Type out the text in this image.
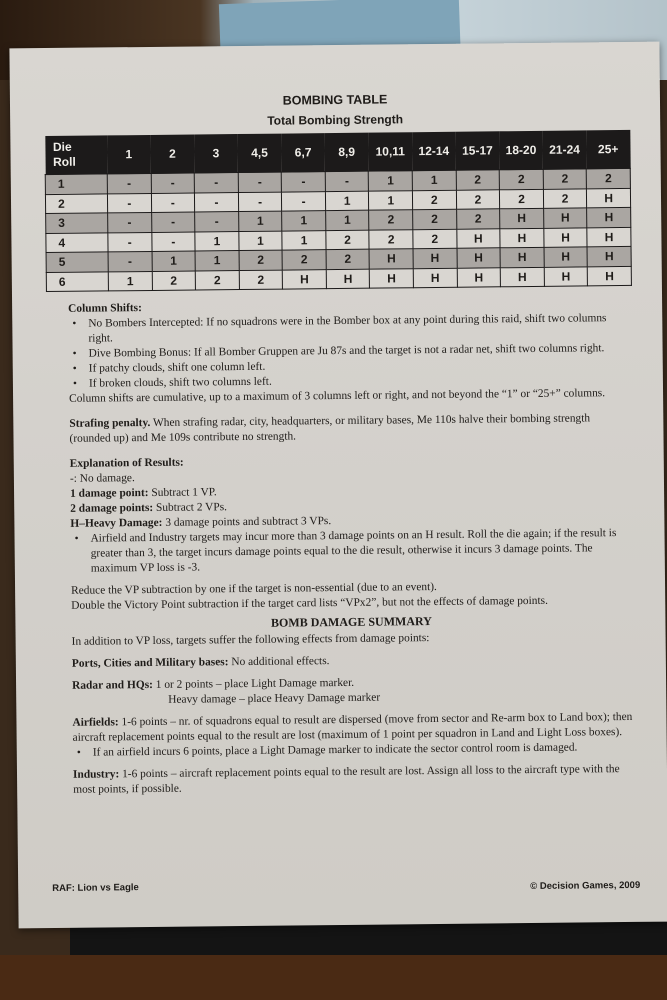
BOMBING TABLE
Total Bombing Strength
Die
Roll	1	2	3	4,5	6,7	8,9	10,11	12-14	15-17	18-20	21-24	25+
1	-	-	-	-	-	-	1	1	2	2	2	2
2	-	-	-	-	-	1	1	2	2	2	2	H
3	-	-	-	1	1	1	2	2	2	H	H	H
4	-	-	1	1	1	2	2	2	H	H	H	H
5	-	1	1	2	2	2	H	H	H	H	H	H
6	1	2	2	2	H	H	H	H	H	H	H	H

Column Shifts:

• No Bombers Intercepted: If no squadrons were in the Bomber box at any point during this raid, shift two columns right.

• Dive Bombing Bonus: If all Bomber Gruppen are Ju 87s and the target is not a radar net, shift two columns right.

• If patchy clouds, shift one column left.

• If broken clouds, shift two columns left.

Column shifts are cumulative, up to a maximum of 3 columns left or right, and not beyond the “1” or “25+” columns.

Strafing penalty. When strafing radar, city, headquarters, or military bases, Me 110s halve their bombing strength (rounded up) and Me 109s contribute no strength.

Explanation of Results:

-: No damage.

1 damage point: Subtract 1 VP.

2 damage points: Subtract 2 VPs.

H–Heavy Damage: 3 damage points and subtract 3 VPs.

• Airfield and Industry targets may incur more than 3 damage points on an H result. Roll the die again; if the result is greater than 3, the target incurs damage points equal to the die result, otherwise it incurs 3 damage points. The maximum VP loss is -3.

Reduce the VP subtraction by one if the target is non-essential (due to an event).

Double the Victory Point subtraction if the target card lists “VPx2”, but not the effects of damage points.

BOMB DAMAGE SUMMARY

In addition to VP loss, targets suffer the following effects from damage points:

Ports, Cities and Military bases: No additional effects.

Radar and HQs: 1 or 2 points – place Light Damage marker.

Heavy damage – place Heavy Damage marker

Airfields: 1-6 points – nr. of squadrons equal to result are dispersed (move from sector and Re-arm box to Land box); then aircraft replacement points equal to the result are lost (maximum of 1 point per squadron in Land and Light Loss boxes).

• If an airfield incurs 6 points, place a Light Damage marker to indicate the sector control room is damaged.

Industry: 1-6 points – aircraft replacement points equal to the result are lost. Assign all loss to the aircraft type with the most points, if possible.

RAF: Lion vs Eagle	© Decision Games, 2009
